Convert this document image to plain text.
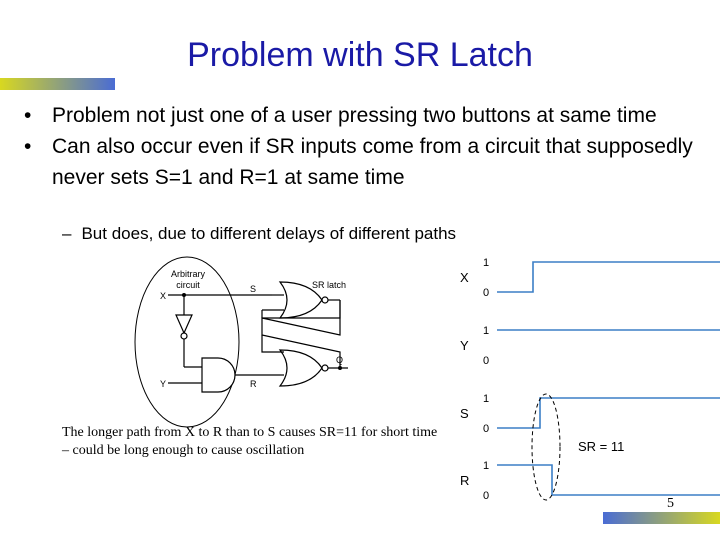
Problem with SR Latch
• Problem not just one of a user pressing two buttons at same time
• Can also occur even if SR inputs come from a circuit that supposedly never sets S=1 and R=1 at same time
– But does, due to different delays of different paths
Arbitrary
circuit
X
Y
S
R
SR latch
Q
X
1
0
Y
1
0
S
1
0
R
1
0
SR = 11
The longer path from X to R than to S causes SR=11 for short time – could be long enough to cause oscillation
5
